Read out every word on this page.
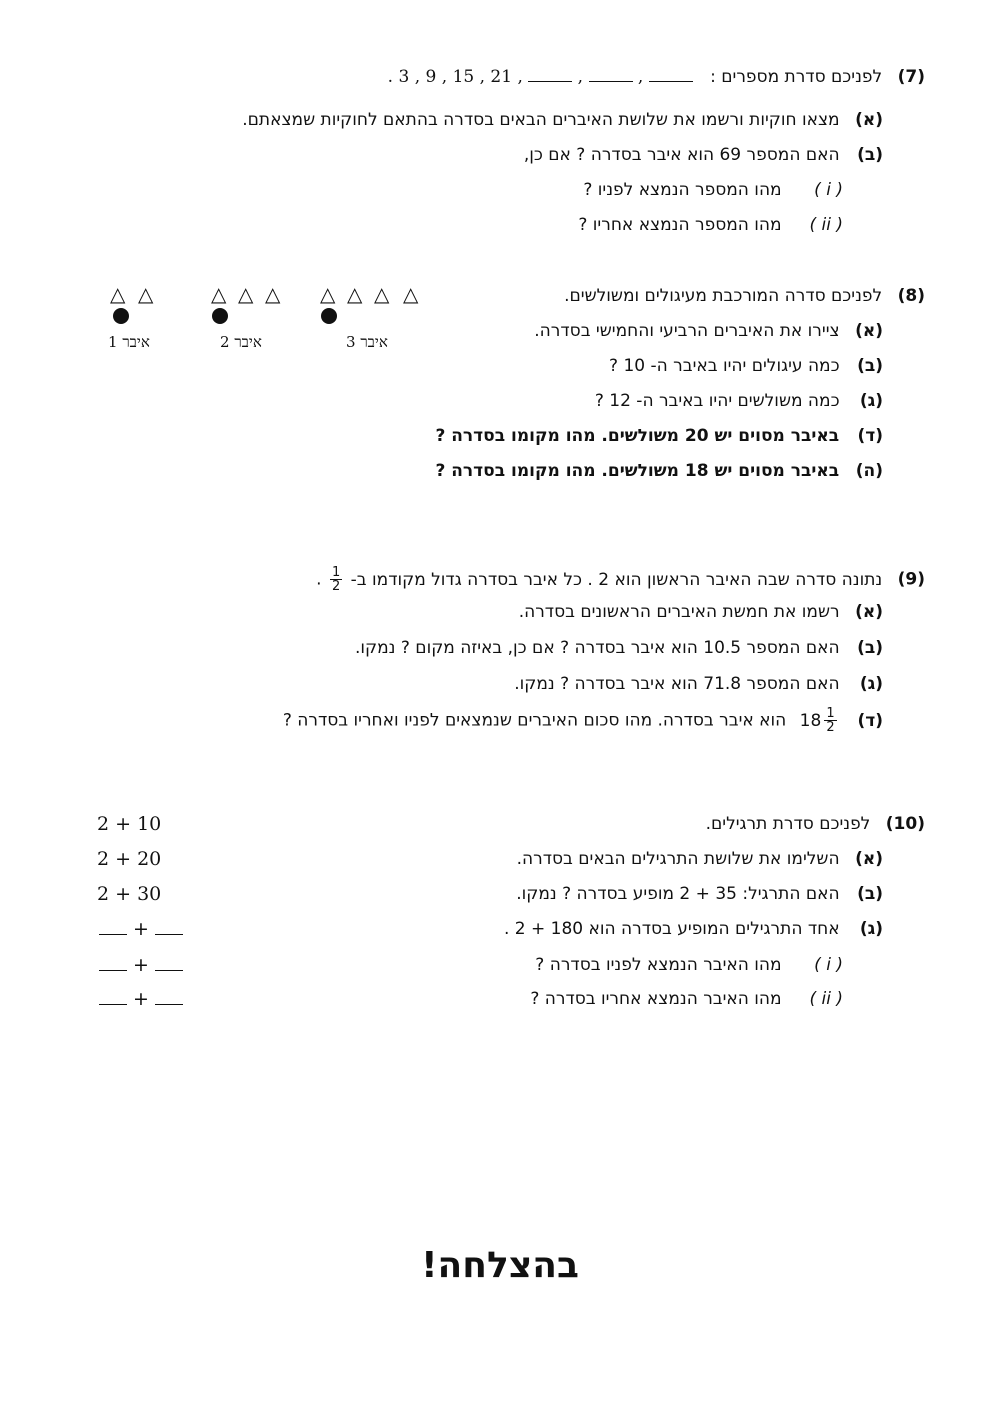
(7) לפניכם סדרת מספרים : . 3 , 9 , 15 , 21 ,	,	,
(א) מצאו חוקיות ורשמו את שלושת האיברים הבאים בסדרה בהתאם לחוקיות שמצאתם.
(ב) האם המספר 69 הוא איבר בסדרה ? אם כן,
( i ) מהו המספר הנמצא לפניו ?
( ii ) מהו המספר הנמצא אחריו ?
(8) לפניכם סדרה המורכבת מעיגולים ומשולשים.
△ △
איבר 1
△ △ △
איבר 2
△ △ △ △
איבר 3
(א) ציירו את האיברים הרביעי והחמישי בסדרה.
(ב) כמה עיגולים יהיו באיבר ה- 10 ?
(ג) כמה משולשים יהיו באיבר ה- 12 ?
(ד) באיבר מסוים יש 20 משולשים. מהו מקומו בסדרה ?
(ה) באיבר מסוים יש 18 משולשים. מהו מקומו בסדרה ?
(9) נתונה סדרה שבה האיבר הראשון הוא 2 . כל איבר בסדרה גדול מקודמו ב-
$\frac{1}{2}$
.
(א) רשמו את חמשת האיברים הראשונים בסדרה.
(ב) האם המספר 10.5 הוא איבר בסדרה ? אם כן, באיזה מקום ? נמקו.
(ג) האם המספר 71.8 הוא איבר בסדרה ? נמקו.
(ד)
$18 \frac{1}{2}$
הוא איבר בסדרה. מהו סכום האיברים שנמצאים לפניו ואחריו בסדרה ?
(10) לפניכם סדרת תרגילים.
(א) השלימו את שלושת התרגילים הבאים בסדרה.
(ב) האם התרגיל: 35 + 2 מופיע בסדרה ? נמקו.
(ג) אחד התרגילים המופיע בסדרה הוא 180 + 2 .
( i ) מהו האיבר הנמצא לפניו בסדרה ?
( ii ) מהו האיבר הנמצא אחריו בסדרה ?
2 + 10
2 + 20
2 + 30
+
+
+
בהצלחה!
